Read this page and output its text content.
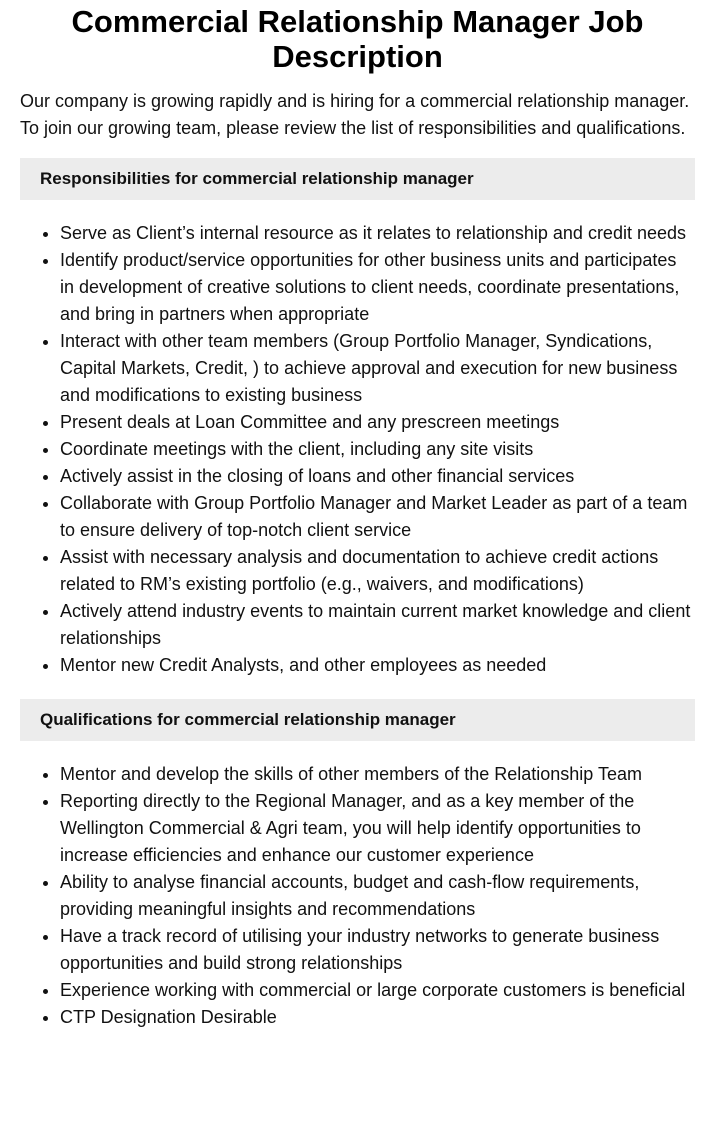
Commercial Relationship Manager Job Description

Our company is growing rapidly and is hiring for a commercial relationship manager. To join our growing team, please review the list of responsibilities and qualifications.

Responsibilities for commercial relationship manager
• Serve as Client’s internal resource as it relates to relationship and credit needs
• Identify product/service opportunities for other business units and participates in development of creative solutions to client needs, coordinate presentations, and bring in partners when appropriate
• Interact with other team members (Group Portfolio Manager, Syndications, Capital Markets, Credit, ) to achieve approval and execution for new business and modifications to existing business
• Present deals at Loan Committee and any prescreen meetings
• Coordinate meetings with the client, including any site visits
• Actively assist in the closing of loans and other financial services
• Collaborate with Group Portfolio Manager and Market Leader as part of a team to ensure delivery of top-notch client service
• Assist with necessary analysis and documentation to achieve credit actions related to RM’s existing portfolio (e.g., waivers, and modifications)
• Actively attend industry events to maintain current market knowledge and client relationships
• Mentor new Credit Analysts, and other employees as needed
Qualifications for commercial relationship manager
• Mentor and develop the skills of other members of the Relationship Team
• Reporting directly to the Regional Manager, and as a key member of the Wellington Commercial & Agri team, you will help identify opportunities to increase efficiencies and enhance our customer experience
• Ability to analyse financial accounts, budget and cash-flow requirements, providing meaningful insights and recommendations
• Have a track record of utilising your industry networks to generate business opportunities and build strong relationships
• Experience working with commercial or large corporate customers is beneficial
• CTP Designation Desirable
